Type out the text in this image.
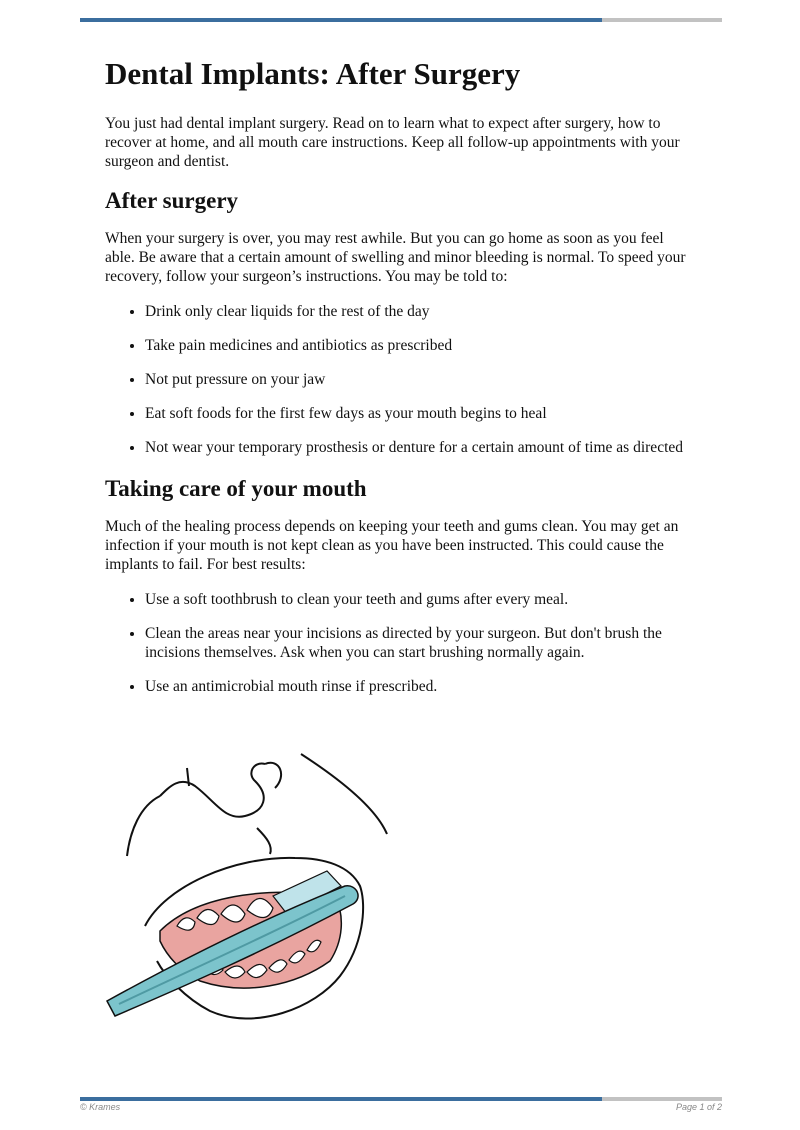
Dental Implants: After Surgery

You just had dental implant surgery. Read on to learn what to expect after surgery, how to recover at home, and all mouth care instructions. Keep all follow-up appointments with your surgeon and dentist.

After surgery

When your surgery is over, you may rest awhile. But you can go home as soon as you feel able. Be aware that a certain amount of swelling and minor bleeding is normal. To speed your recovery, follow your surgeon’s instructions. You may be told to:

• Drink only clear liquids for the rest of the day
• Take pain medicines and antibiotics as prescribed
• Not put pressure on your jaw
• Eat soft foods for the first few days as your mouth begins to heal
• Not wear your temporary prosthesis or denture for a certain amount of time as directed
Taking care of your mouth

Much of the healing process depends on keeping your teeth and gums clean. You may get an infection if your mouth is not kept clean as you have been instructed. This could cause the implants to fail. For best results:

• Use a soft toothbrush to clean your teeth and gums after every meal.
• Clean the areas near your incisions as directed by your surgeon. But don't brush the incisions themselves. Ask when you can start brushing normally again.
• Use an antimicrobial mouth rinse if prescribed.
© Krames	Page 1 of 2
